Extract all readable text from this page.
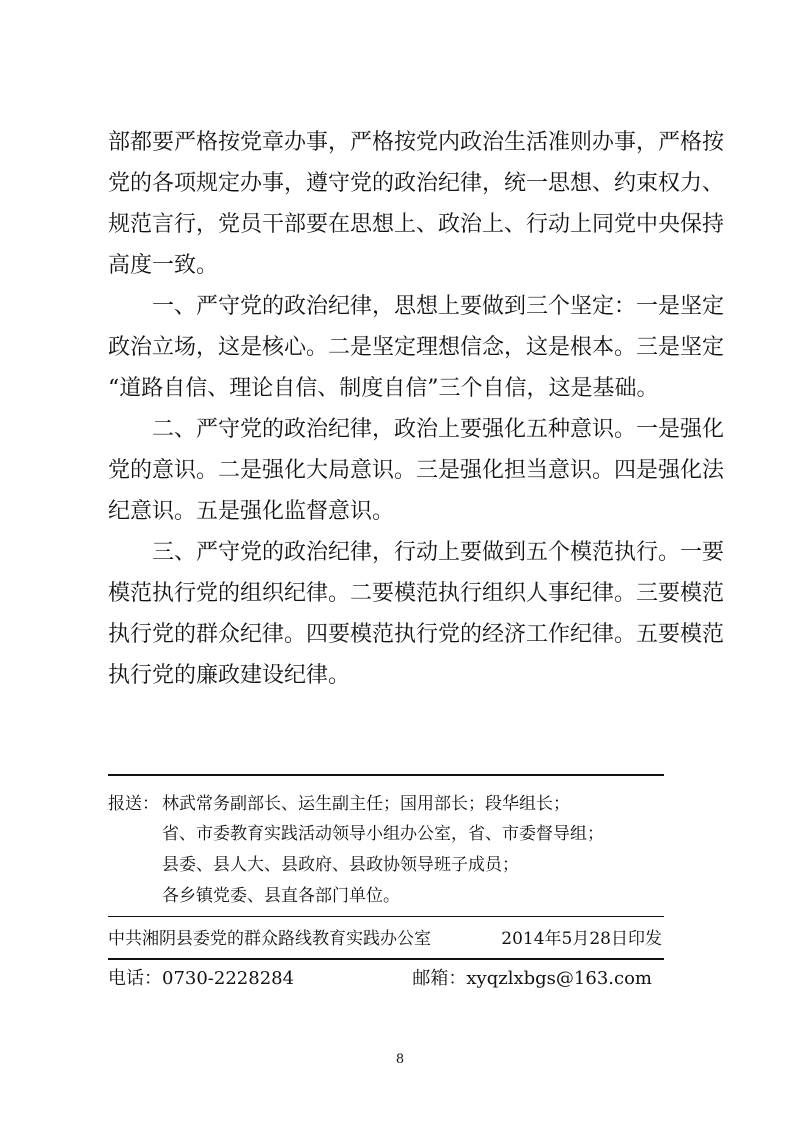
部都要严格按党章办事，严格按党内政治生活准则办事，严格按
党的各项规定办事，遵守党的政治纪律，统一思想、约束权力、
规范言行，党员干部要在思想上、政治上、行动上同党中央保持
高度一致。
一、严守党的政治纪律，思想上要做到三个坚定：一是坚定
政治立场，这是核心。二是坚定理想信念，这是根本。三是坚定
“道路自信、理论自信、制度自信”三个自信，这是基础。
二、严守党的政治纪律，政治上要强化五种意识。一是强化
党的意识。二是强化大局意识。三是强化担当意识。四是强化法
纪意识。五是强化监督意识。
三、严守党的政治纪律，行动上要做到五个模范执行。一要
模范执行党的组织纪律。二要模范执行组织人事纪律。三要模范
执行党的群众纪律。四要模范执行党的经济工作纪律。五要模范
执行党的廉政建设纪律。
报送： 林武常务副部长、运生副主任；国用部长；段华组长；
省、市委教育实践活动领导小组办公室，省、市委督导组；
县委、县人大、县政府、县政协领导班子成员；
各乡镇党委、县直各部门单位。
中共湘阴县委党的群众路线教育实践办公室	2014年5月28日印发
电话：0730-2228284	邮箱：xyqzlxbgs@163.com
8
